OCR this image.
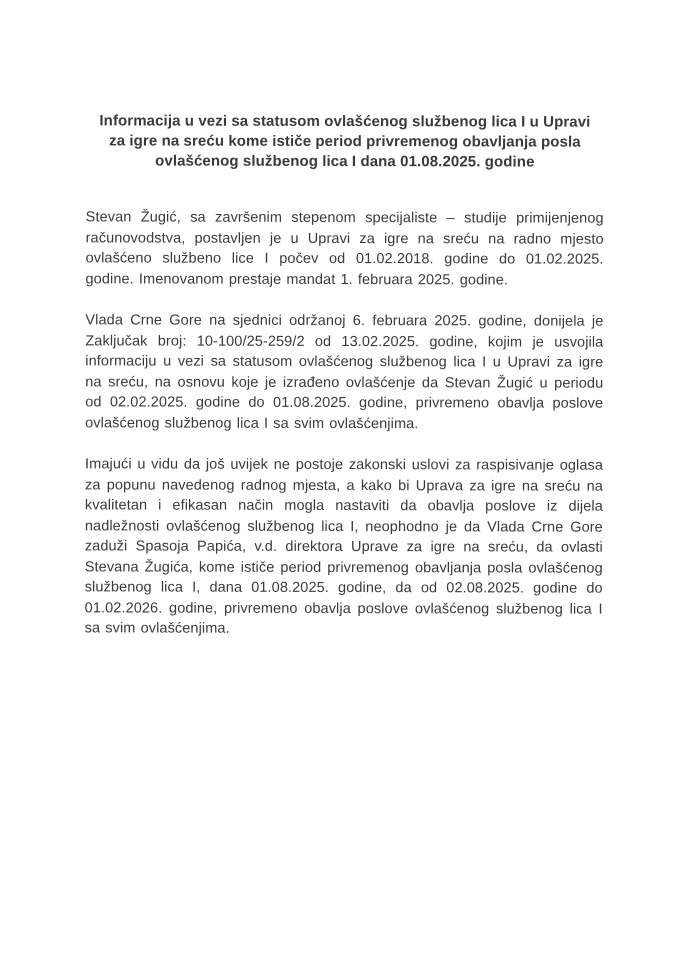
Informacija u vezi sa statusom ovlašćenog službenog lica I u Upravi za igre na sreću kome ističe period privremenog obavljanja posla ovlašćenog službenog lica I dana 01.08.2025. godine

Stevan Žugić, sa završenim stepenom specijaliste – studije primijenjenog računovodstva, postavljen je u Upravi za igre na sreću na radno mjesto ovlašćeno službeno lice I počev od 01.02.2018. godine do 01.02.2025. godine. Imenovanom prestaje mandat 1. februara 2025. godine.

Vlada Crne Gore na sjednici održanoj 6. februara 2025. godine, donijela je Zaključak broj: 10-100/25-259/2 od 13.02.2025. godine, kojim je usvojila informaciju u vezi sa statusom ovlašćenog službenog lica I u Upravi za igre na sreću, na osnovu koje je izrađeno ovlašćenje da Stevan Žugić u periodu od 02.02.2025. godine do 01.08.2025. godine, privremeno obavlja poslove ovlašćenog službenog lica I sa svim ovlašćenjima.

Imajući u vidu da još uvijek ne postoje zakonski uslovi za raspisivanje oglasa za popunu navedenog radnog mjesta, a kako bi Uprava za igre na sreću na kvalitetan i efikasan način mogla nastaviti da obavlja poslove iz dijela nadležnosti ovlašćenog službenog lica I, neophodno je da Vlada Crne Gore zaduži Spasoja Papića, v.d. direktora Uprave za igre na sreću, da ovlasti Stevana Žugića, kome ističe period privremenog obavljanja posla ovlašćenog službenog lica I, dana 01.08.2025. godine, da od 02.08.2025. godine do 01.02.2026. godine, privremeno obavlja poslove ovlašćenog službenog lica I sa svim ovlašćenjima.
